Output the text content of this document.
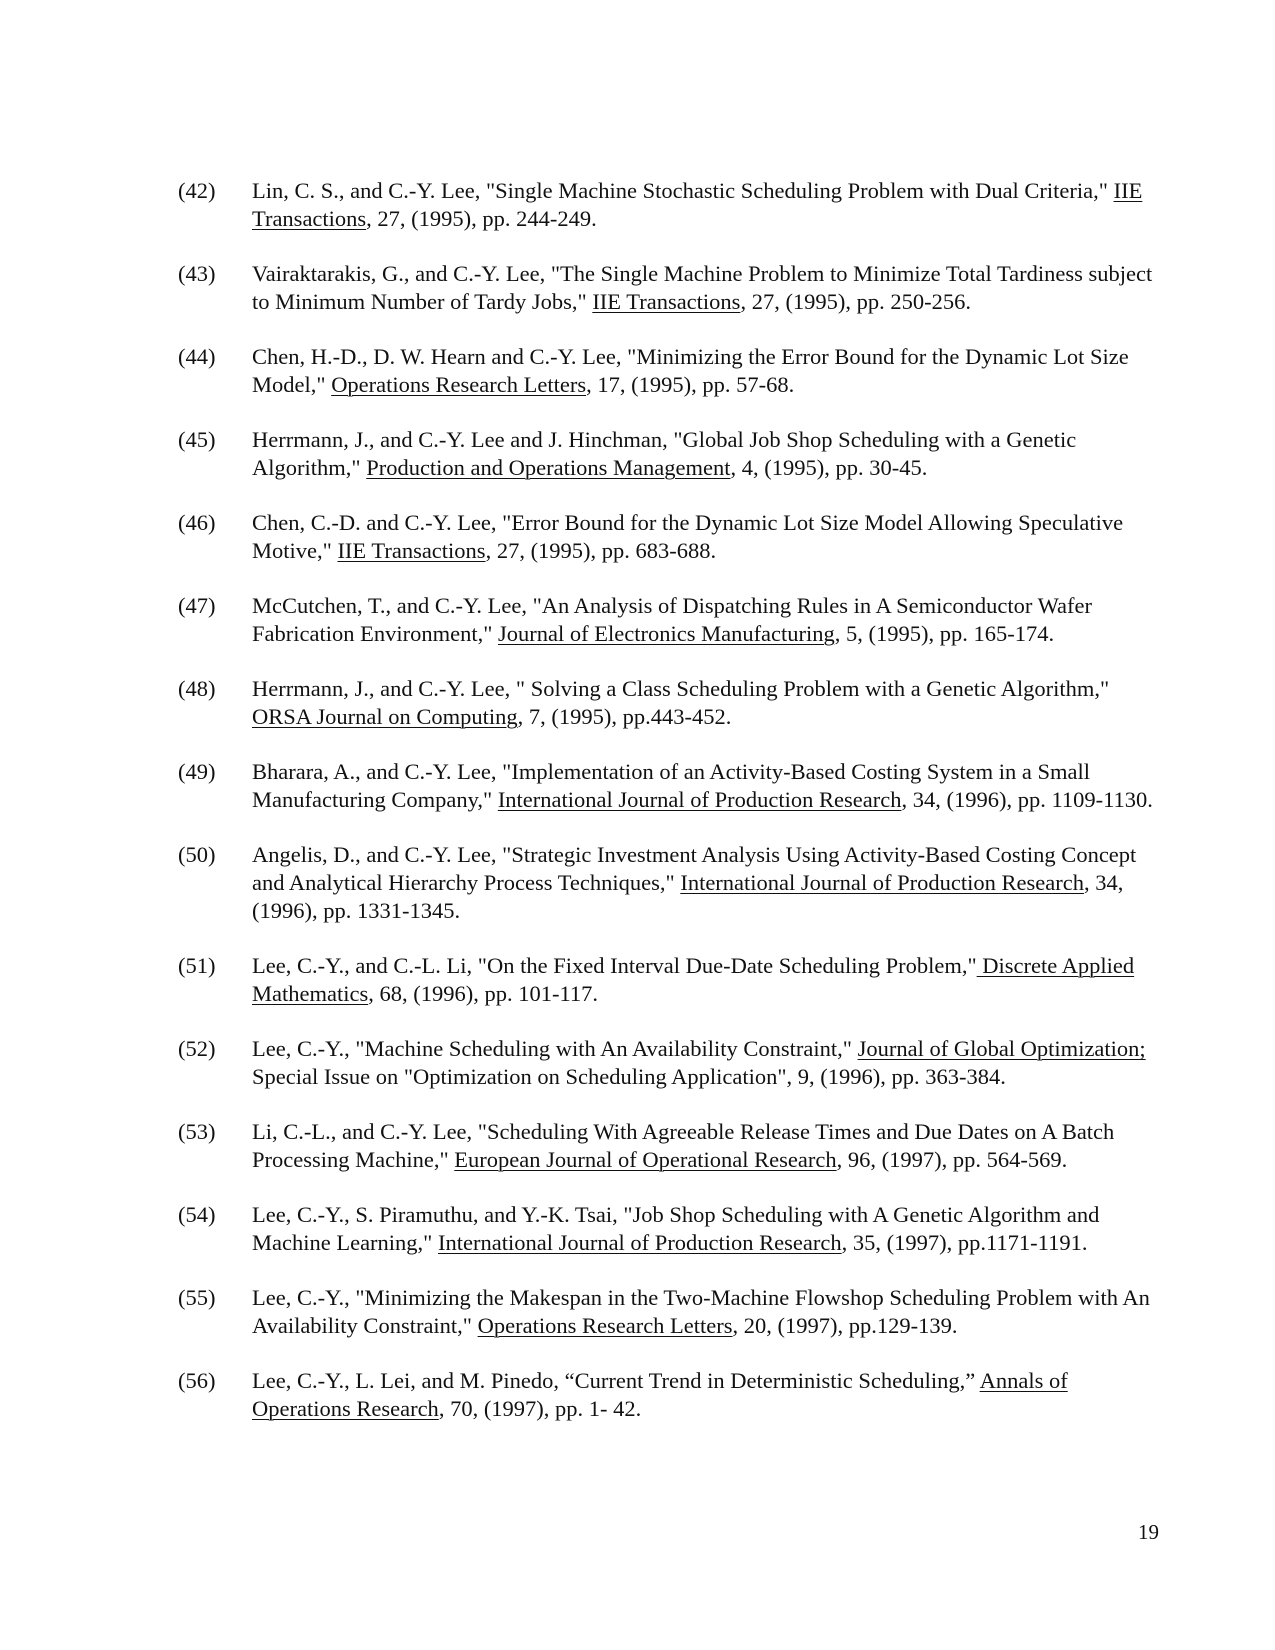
(42) Lin, C. S., and C.-Y. Lee, "Single Machine Stochastic Scheduling Problem with Dual Criteria," IIE Transactions, 27, (1995), pp. 244-249.
(43) Vairaktarakis, G., and C.-Y. Lee, "The Single Machine Problem to Minimize Total Tardiness subject to Minimum Number of Tardy Jobs," IIE Transactions, 27, (1995), pp. 250-256.
(44) Chen, H.-D., D. W. Hearn and C.-Y. Lee, "Minimizing the Error Bound for the Dynamic Lot Size Model," Operations Research Letters, 17, (1995), pp. 57-68.
(45) Herrmann, J., and C.-Y. Lee and J. Hinchman, "Global Job Shop Scheduling with a Genetic Algorithm," Production and Operations Management, 4, (1995), pp. 30-45.
(46) Chen, C.-D. and C.-Y. Lee, "Error Bound for the Dynamic Lot Size Model Allowing Speculative Motive," IIE Transactions, 27, (1995), pp. 683-688.
(47) McCutchen, T., and C.-Y. Lee, "An Analysis of Dispatching Rules in A Semiconductor Wafer Fabrication Environment," Journal of Electronics Manufacturing, 5, (1995), pp. 165-174.
(48) Herrmann, J., and C.-Y. Lee, " Solving a Class Scheduling Problem with a Genetic Algorithm," ORSA Journal on Computing, 7, (1995), pp.443-452.
(49) Bharara, A., and C.-Y. Lee, "Implementation of an Activity-Based Costing System in a Small Manufacturing Company," International Journal of Production Research, 34, (1996), pp. 1109-1130.
(50) Angelis, D., and C.-Y. Lee, "Strategic Investment Analysis Using Activity-Based Costing Concept and Analytical Hierarchy Process Techniques," International Journal of Production Research, 34, (1996), pp. 1331-1345.
(51) Lee, C.-Y., and C.-L. Li, "On the Fixed Interval Due-Date Scheduling Problem," Discrete Applied Mathematics, 68, (1996), pp. 101-117.
(52) Lee, C.-Y., "Machine Scheduling with An Availability Constraint," Journal of Global Optimization; Special Issue on "Optimization on Scheduling Application", 9, (1996), pp. 363-384.
(53) Li, C.-L., and C.-Y. Lee, "Scheduling With Agreeable Release Times and Due Dates on A Batch Processing Machine," European Journal of Operational Research, 96, (1997), pp. 564-569.
(54) Lee, C.-Y., S. Piramuthu, and Y.-K. Tsai, "Job Shop Scheduling with A Genetic Algorithm and Machine Learning," International Journal of Production Research, 35, (1997), pp.1171-1191.
(55) Lee, C.-Y., "Minimizing the Makespan in the Two-Machine Flowshop Scheduling Problem with An Availability Constraint," Operations Research Letters, 20, (1997), pp.129-139.
(56) Lee, C.-Y., L. Lei, and M. Pinedo, “Current Trend in Deterministic Scheduling,” Annals of Operations Research, 70, (1997), pp. 1- 42.
19
